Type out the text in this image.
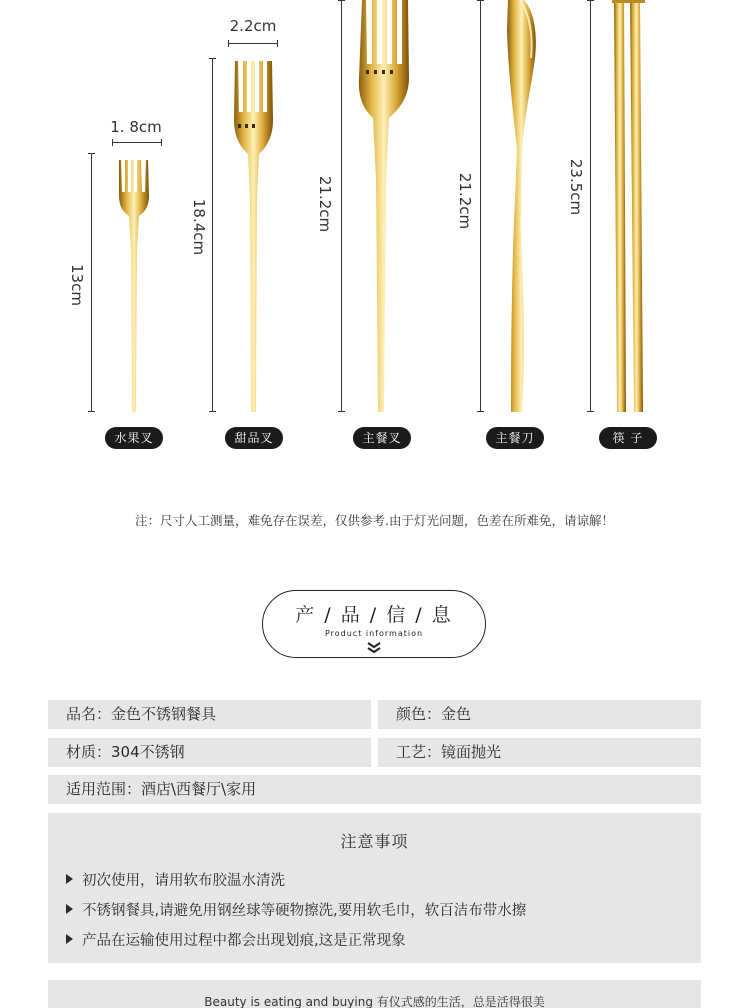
1. 8cm
13cm
2.2cm
18.4cm	21.2cm	21.2cm	23.5cm
水果叉	甜品叉	主餐叉	主餐刀	筷 子
注：尺寸人工测量，难免存在误差，仅供参考.由于灯光问题，色差在所难免，请谅解！
产 / 品 / 信 / 息
Product information
品名：金色不锈钢餐具	颜色：金色
材质：304不锈钢	工艺：镜面抛光
适用范围：酒店\西餐厅\家用
注意事项
初次使用，请用软布胶温水清洗
不锈钢餐具,请避免用钢丝球等硬物擦洗,要用软毛巾，软百洁布带水擦
产品在运输使用过程中都会出现划痕,这是正常现象
Beauty is eating and buying 有仪式感的生活，总是活得很美
